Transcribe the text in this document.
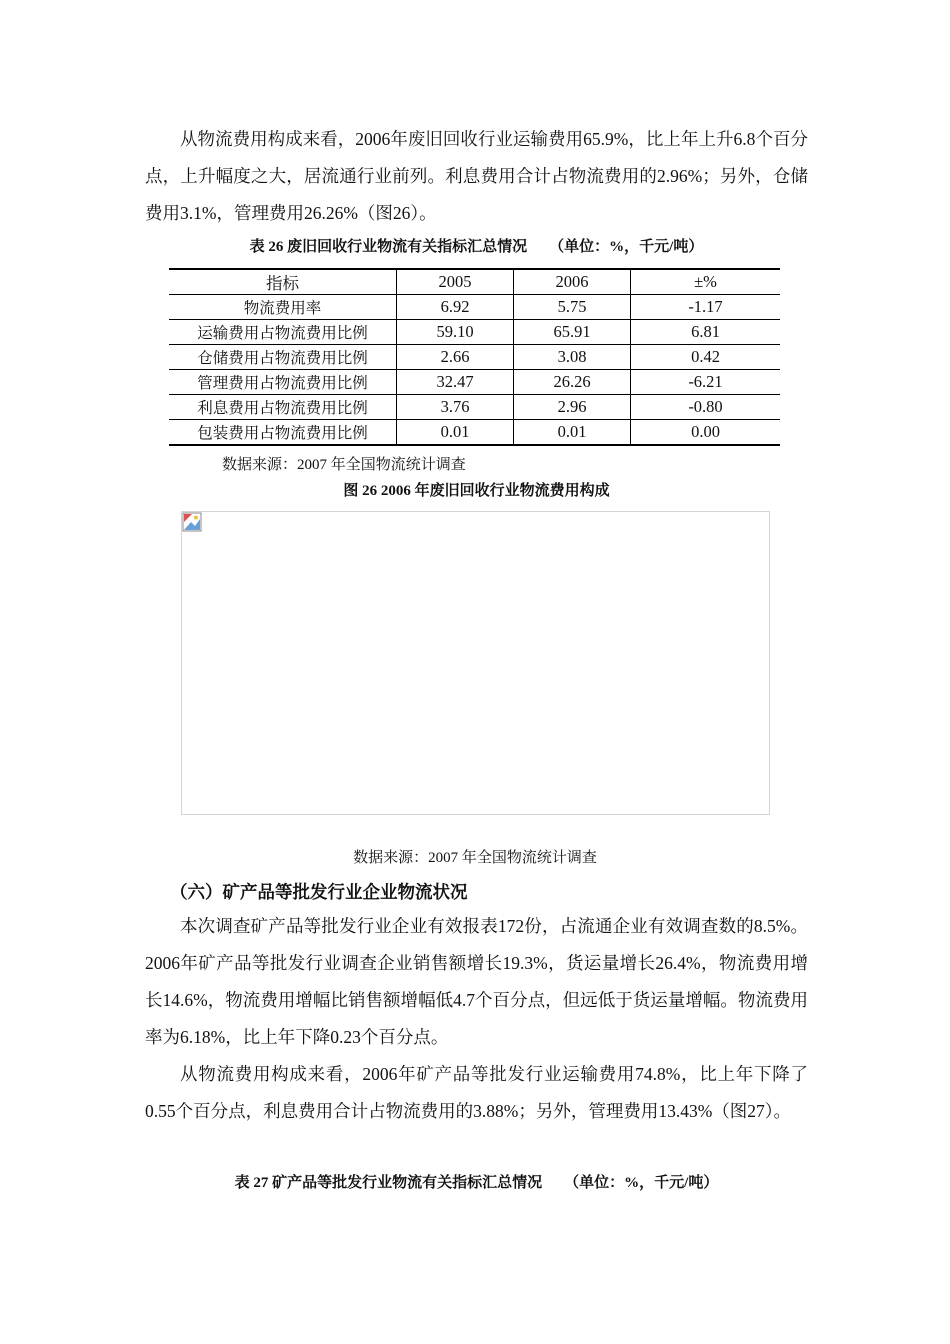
从物流费用构成来看，2006年废旧回收行业运输费用65.9%，比上年上升6.8个百分点，上升幅度之大，居流通行业前列。利息费用合计占物流费用的2.96%；另外，仓储费用3.1%，管理费用26.26%（图26）。

表 26 废旧回收行业物流有关指标汇总情况 （单位：%，千元/吨）
指标	2005	2006	±%
物流费用率	6.92	5.75	-1.17
运输费用占物流费用比例	59.10	65.91	6.81
仓储费用占物流费用比例	2.66	3.08	0.42
管理费用占物流费用比例	32.47	26.26	-6.21
利息费用占物流费用比例	3.76	2.96	-0.80
包装费用占物流费用比例	0.01	0.01	0.00
数据来源：2007 年全国物流统计调查
图 26 2006 年废旧回收行业物流费用构成
数据来源：2007 年全国物流统计调查
（六）矿产品等批发行业企业物流状况

本次调查矿产品等批发行业企业有效报表172份，占流通企业有效调查数的8.5%。2006年矿产品等批发行业调查企业销售额增长19.3%，货运量增长26.4%，物流费用增长14.6%，物流费用增幅比销售额增幅低4.7个百分点，但远低于货运量增幅。物流费用率为6.18%，比上年下降0.23个百分点。

从物流费用构成来看，2006年矿产品等批发行业运输费用74.8%，比上年下降了0.55个百分点，利息费用合计占物流费用的3.88%；另外，管理费用13.43%（图27）。

表 27 矿产品等批发行业物流有关指标汇总情况 （单位：%，千元/吨）
